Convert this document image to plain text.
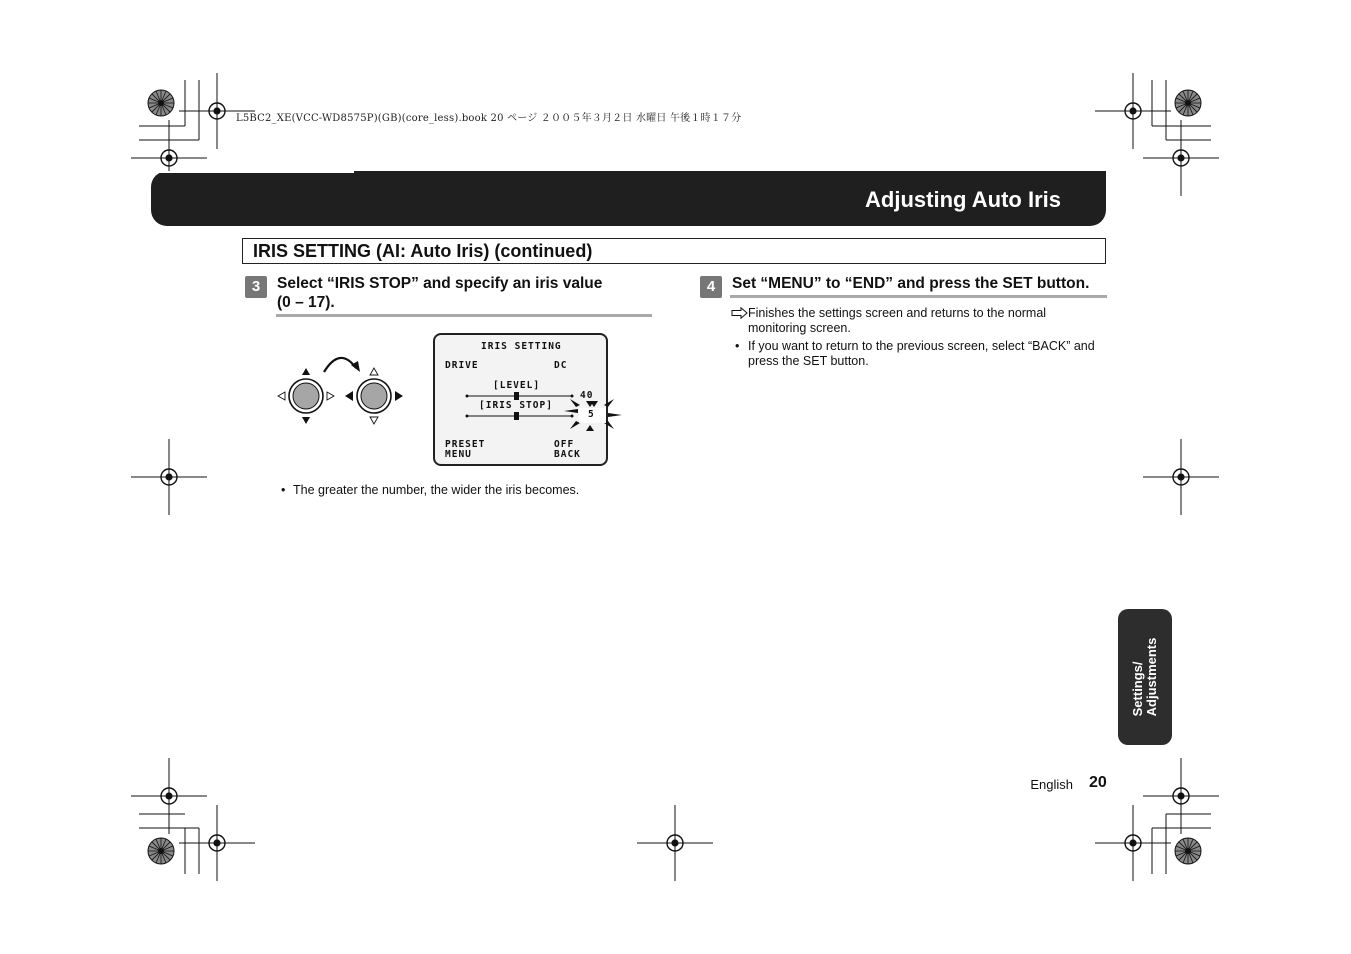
L5BC2_XE(VCC-WD8575P)(GB)(core_less).book 20 ページ ２００５年３月２日 水曜日 午後１時１７分
Adjusting Auto Iris
IRIS SETTING (AI: Auto Iris) (continued)
3	Select “IRIS STOP” and specify an iris value
(0 – 17).
IRIS SETTING
DRIVE	DC
[LEVEL]
40
[IRIS STOP]
PRESET	OFF
MENU	BACK
5
• The greater the number, the wider the iris becomes.
4	Set “MENU” to “END” and press the SET button.
Finishes the settings screen and returns to the normal
monitoring screen.
• If you want to return to the previous screen, select “BACK” and
press the SET button.
Settings/ Adjustments
English 20
